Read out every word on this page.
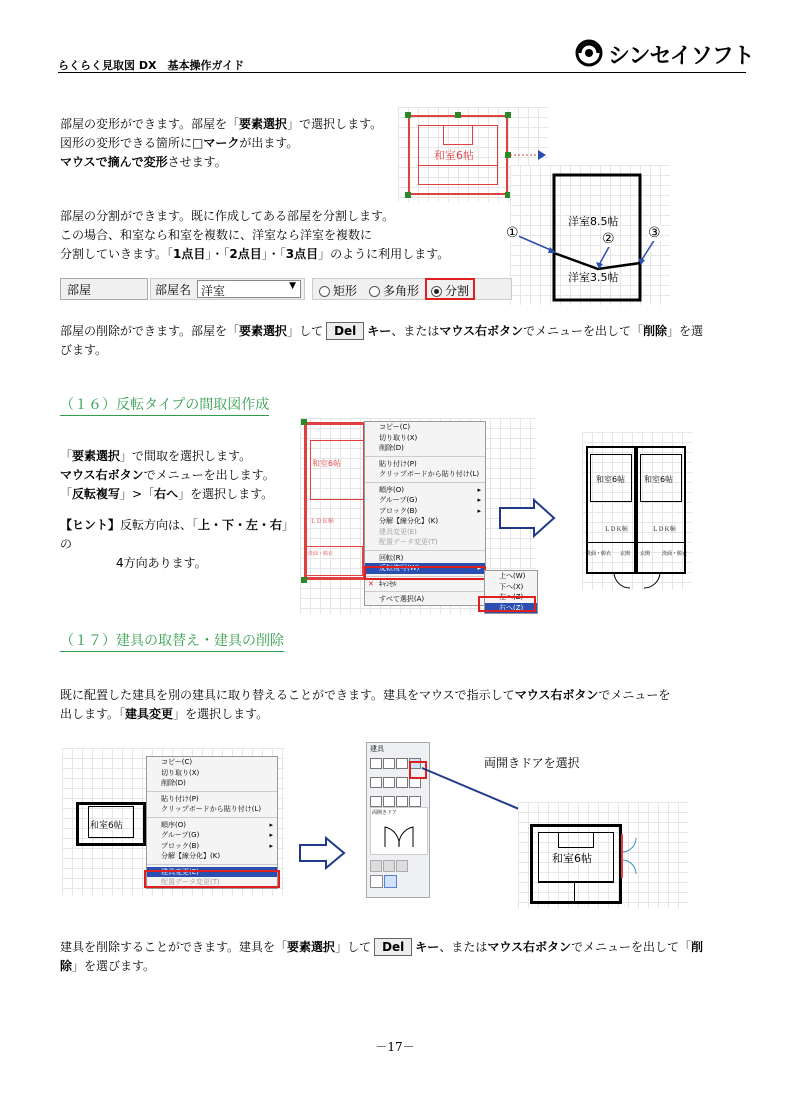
らくらく見取図 DX　基本操作ガイド	シンセイソフト
部屋の変形ができます。部屋を「要素選択」で選択します。
図形の変形できる箇所に□マークが出ます。
マウスで摘んで変形させます。	和室6帖
洋室8.5帖
洋室3.5帖
①	② ③
部屋の分割ができます。既に作成してある部屋を分割します。
この場合、和室なら和室を複数に、洋室なら洋室を複数に
分割していきます。「1点目」・「2点目」・「3点目」のように利用します。
部屋	部屋名 洋室	▼	矩形	多角形	分割
部屋の削除ができます。部屋を「要素選択」して Del キー、またはマウス右ボタンでメニューを出して「削除」を選
びます。
（１６）反転タイプの間取図作成
「要素選択」で間取を選択します。
マウス右ボタンでメニューを出します。
「反転複写」>「右へ」を選択します。
【ヒント】反転方向は、「上・下・左・右」の
4方向あります。
和室6帖
ＬＤＫ帖
洗面・脱衣
コピー(C)
切り取り(X)
削除(D)
貼り付け(P)
クリップボードから貼り付け(L)
順序(O)	▸
グループ(G)	▸
ブロック(B)	▸
分解【線分化】(K)
建具変更(E)
配置データ変更(T)
回転(R)
反転複写(W)	▸
✕ ｷｬﾝｾﾙ
すべて選択(A)
上へ(W)
下へ(X)
左へ(Z)
右へ(Z)
和室6帖 和室6帖
ＬＤＫ帖	ＬＤＫ帖
洗面・脱衣 玄関 玄関 洗面・脱衣
（１７）建具の取替え・建具の削除
既に配置した建具を別の建具に取り替えることができます。建具をマウスで指示してマウス右ボタンでメニューを
出します。「建具変更」を選択します。
和室6帖
コピー(C)
切り取り(X)
削除(D)
貼り付け(P)
クリップボードから貼り付け(L)
順序(O)	▸
グループ(G)	▸
ブロック(B)	▸
分解【線分化】(K)
建具変更(E)
配置データ変更(T)
建具
両開きドア
両開きドアを選択
和室6帖
建具を削除することができます。建具を「要素選択」して Del キー、またはマウス右ボタンでメニューを出して「削
除」を選びます。
－17－
